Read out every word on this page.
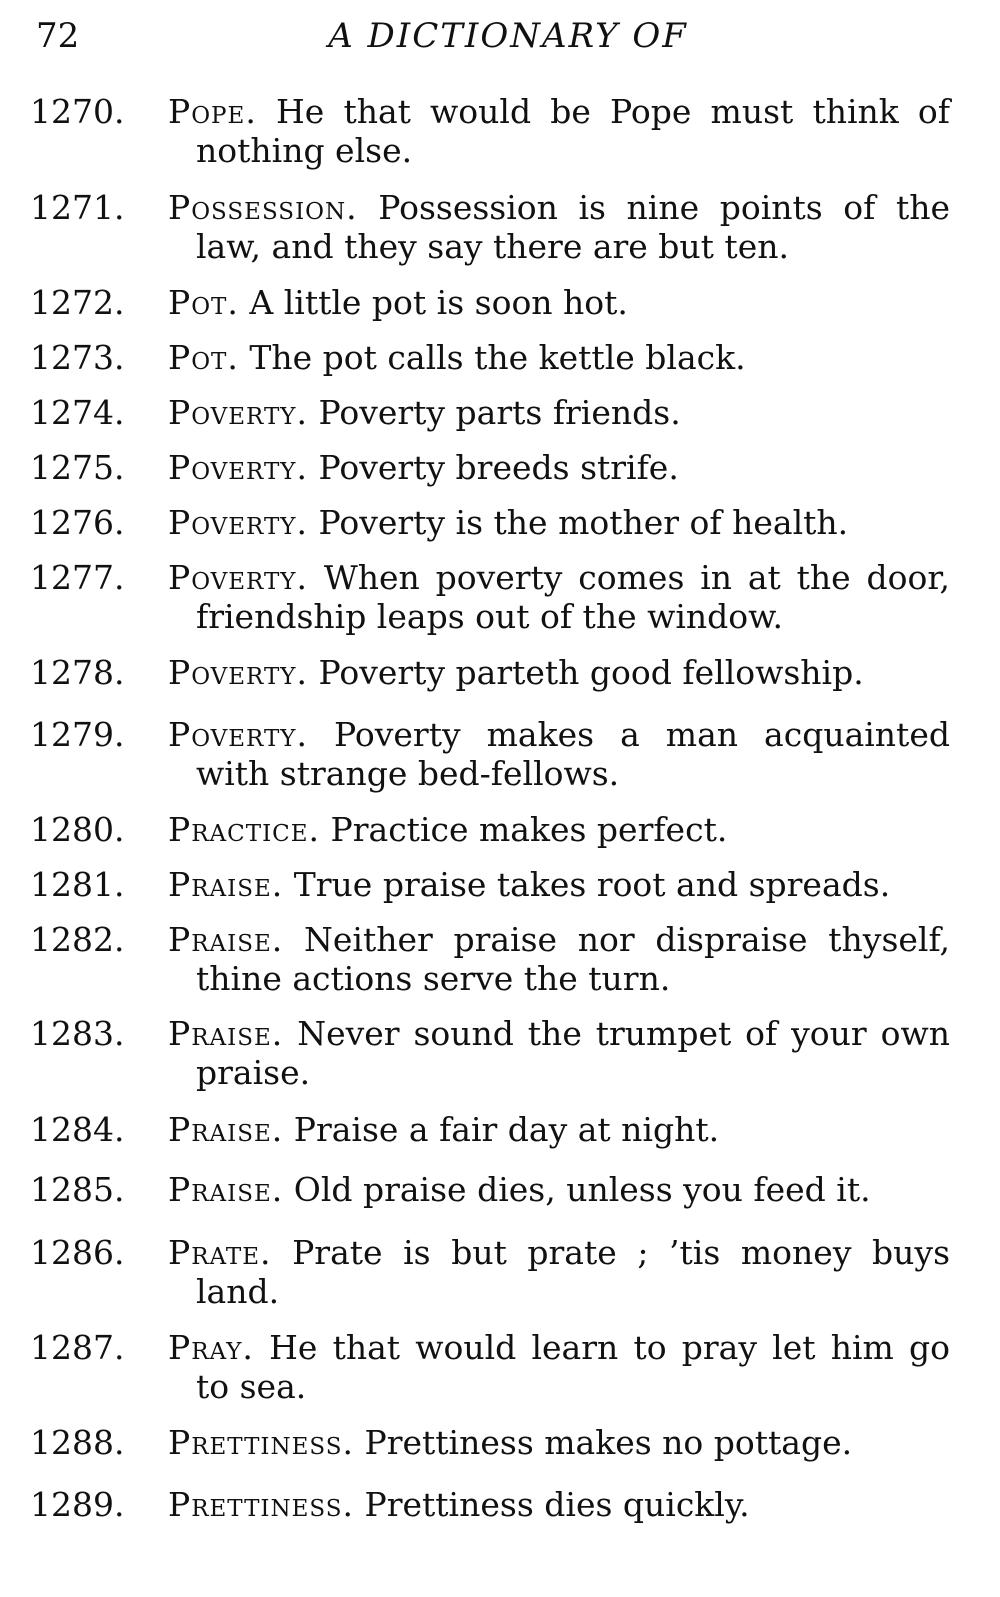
72	A DICTIONARY OF
1270.	Pope. He that would be Pope must think of nothing else.
1271.	Possession. Possession is nine points of the law, and they say there are but ten.
1272.	Pot. A little pot is soon hot.
1273.	Pot. The pot calls the kettle black.
1274.	Poverty. Poverty parts friends.
1275.	Poverty. Poverty breeds strife.
1276.	Poverty. Poverty is the mother of health.
1277.	Poverty. When poverty comes in at the door, friendship leaps out of the window.
1278.	Poverty. Poverty parteth good fellowship.
1279.	Poverty. Poverty makes a man acquainted with strange bed-fellows.
1280.	Practice. Practice makes perfect.
1281.	Praise. True praise takes root and spreads.
1282.	Praise. Neither praise nor dispraise thyself, thine actions serve the turn.
1283.	Praise. Never sound the trumpet of your own praise.
1284.	Praise. Praise a fair day at night.
1285.	Praise. Old praise dies, unless you feed it.
1286.	Prate. Prate is but prate ; ’tis money buys land.
1287.	Pray. He that would learn to pray let him go to sea.
1288.	Prettiness. Prettiness makes no pottage.
1289.	Prettiness. Prettiness dies quickly.
